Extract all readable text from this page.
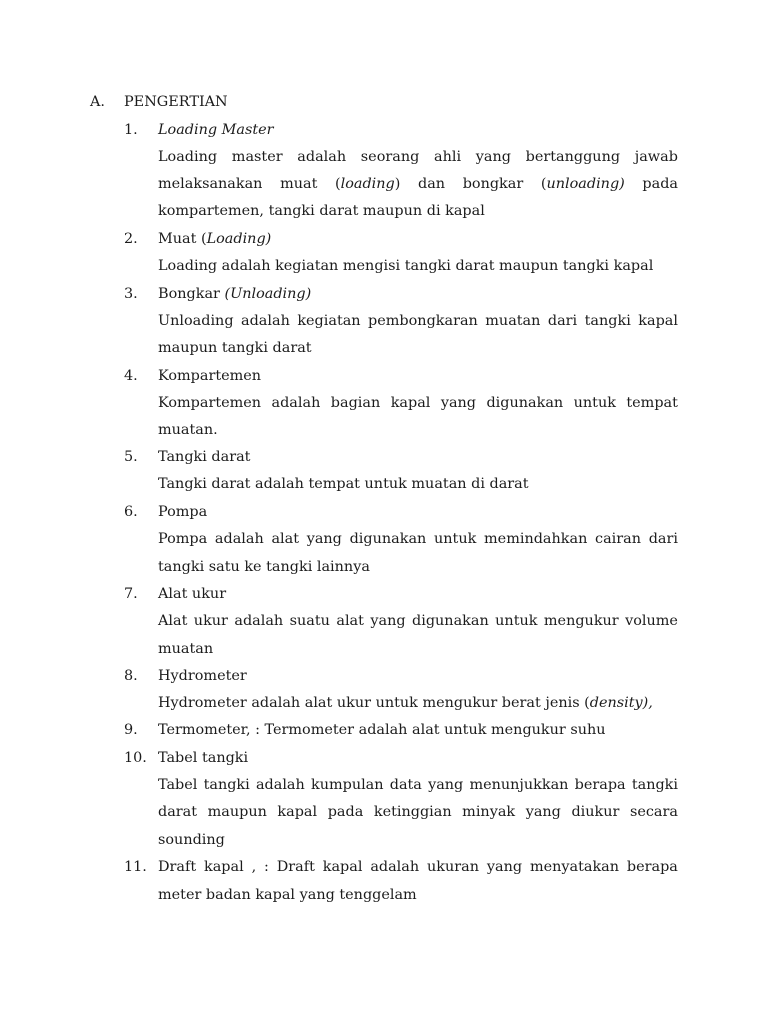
A. PENGERTIAN
1. Loading Master
Loading master adalah seorang ahli yang bertanggung jawab
melaksanakan muat (loading) dan bongkar (unloading) pada
kompartemen, tangki darat maupun di kapal
2. Muat (Loading)
Loading adalah kegiatan mengisi tangki darat maupun tangki kapal
3. Bongkar (Unloading)
Unloading adalah kegiatan pembongkaran muatan dari tangki kapal
maupun tangki darat
4. Kompartemen
Kompartemen adalah bagian kapal yang digunakan untuk tempat
muatan.
5. Tangki darat
Tangki darat adalah tempat untuk muatan di darat
6. Pompa
Pompa adalah alat yang digunakan untuk memindahkan cairan dari
tangki satu ke tangki lainnya
7. Alat ukur
Alat ukur adalah suatu alat yang digunakan untuk mengukur volume
muatan
8. Hydrometer
Hydrometer adalah alat ukur untuk mengukur berat jenis (density),
9. Termometer, : Termometer adalah alat untuk mengukur suhu
10. Tabel tangki
Tabel tangki adalah kumpulan data yang menunjukkan berapa tangki
darat maupun kapal pada ketinggian minyak yang diukur secara
sounding
11. Draft kapal , : Draft kapal adalah ukuran yang menyatakan berapa
meter badan kapal yang tenggelam
